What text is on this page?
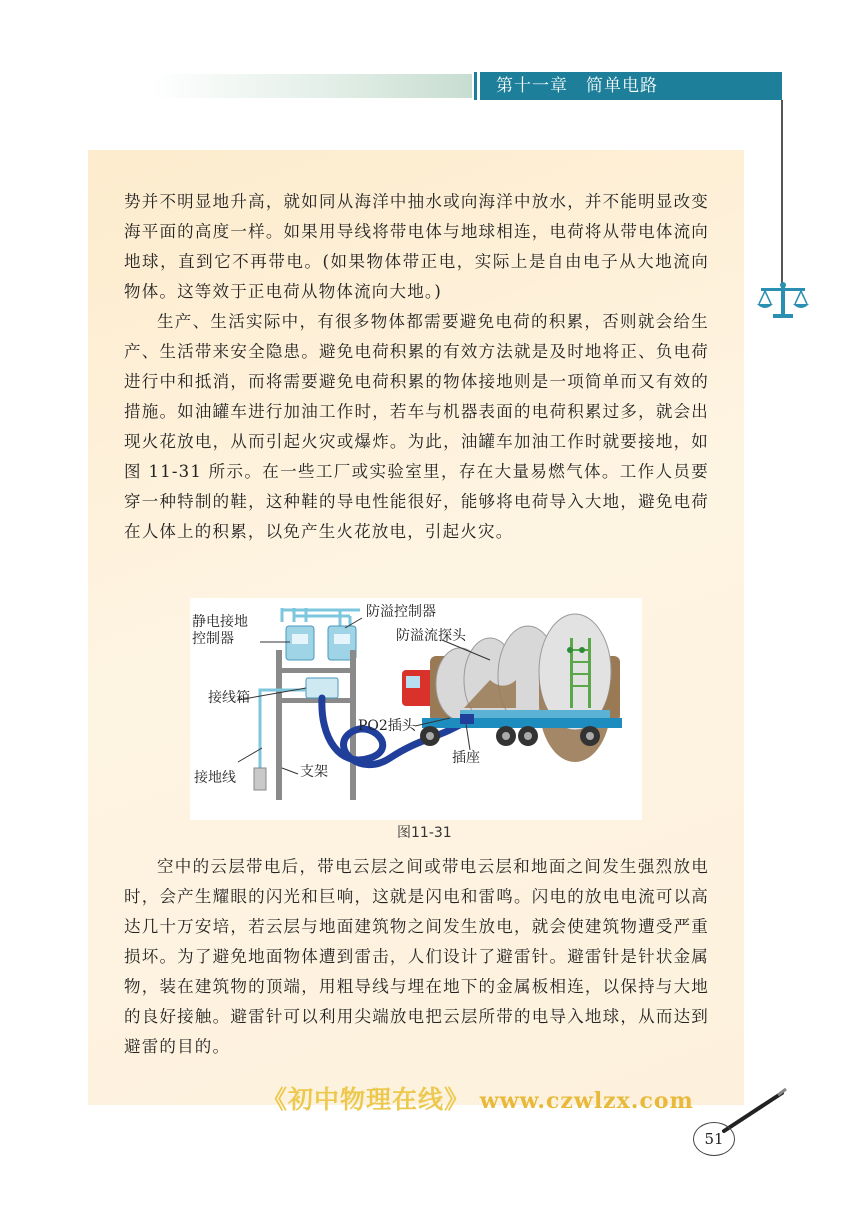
第十一章　简单电路

势并不明显地升高，就如同从海洋中抽水或向海洋中放水，并不能明显改变海平面的高度一样。如果用导线将带电体与地球相连，电荷将从带电体流向地球，直到它不再带电。(如果物体带正电，实际上是自由电子从大地流向物体。这等效于正电荷从物体流向大地。)

生产、生活实际中，有很多物体都需要避免电荷的积累，否则就会给生产、生活带来安全隐患。避免电荷积累的有效方法就是及时地将正、负电荷进行中和抵消，而将需要避免电荷积累的物体接地则是一项简单而又有效的措施。如油罐车进行加油工作时，若车与机器表面的电荷积累过多，就会出现火花放电，从而引起火灾或爆炸。为此，油罐车加油工作时就要接地，如图 11-31 所示。在一些工厂或实验室里，存在大量易燃气体。工作人员要穿一种特制的鞋，这种鞋的导电性能很好，能够将电荷导入大地，避免电荷在人体上的积累，以免产生火花放电，引起火灾。

静电接地
控制器
防溢控制器
防溢流探头
接线箱
PO2插头
插座
接地线	支架
图11-31

空中的云层带电后，带电云层之间或带电云层和地面之间发生强烈放电时，会产生耀眼的闪光和巨响，这就是闪电和雷鸣。闪电的放电电流可以高达几十万安培，若云层与地面建筑物之间发生放电，就会使建筑物遭受严重损坏。为了避免地面物体遭到雷击，人们设计了避雷针。避雷针是针状金属物，装在建筑物的顶端，用粗导线与埋在地下的金属板相连，以保持与大地的良好接触。避雷针可以利用尖端放电把云层所带的电导入地球，从而达到避雷的目的。

《初中物理在线》 www.czwlzx.com
51
